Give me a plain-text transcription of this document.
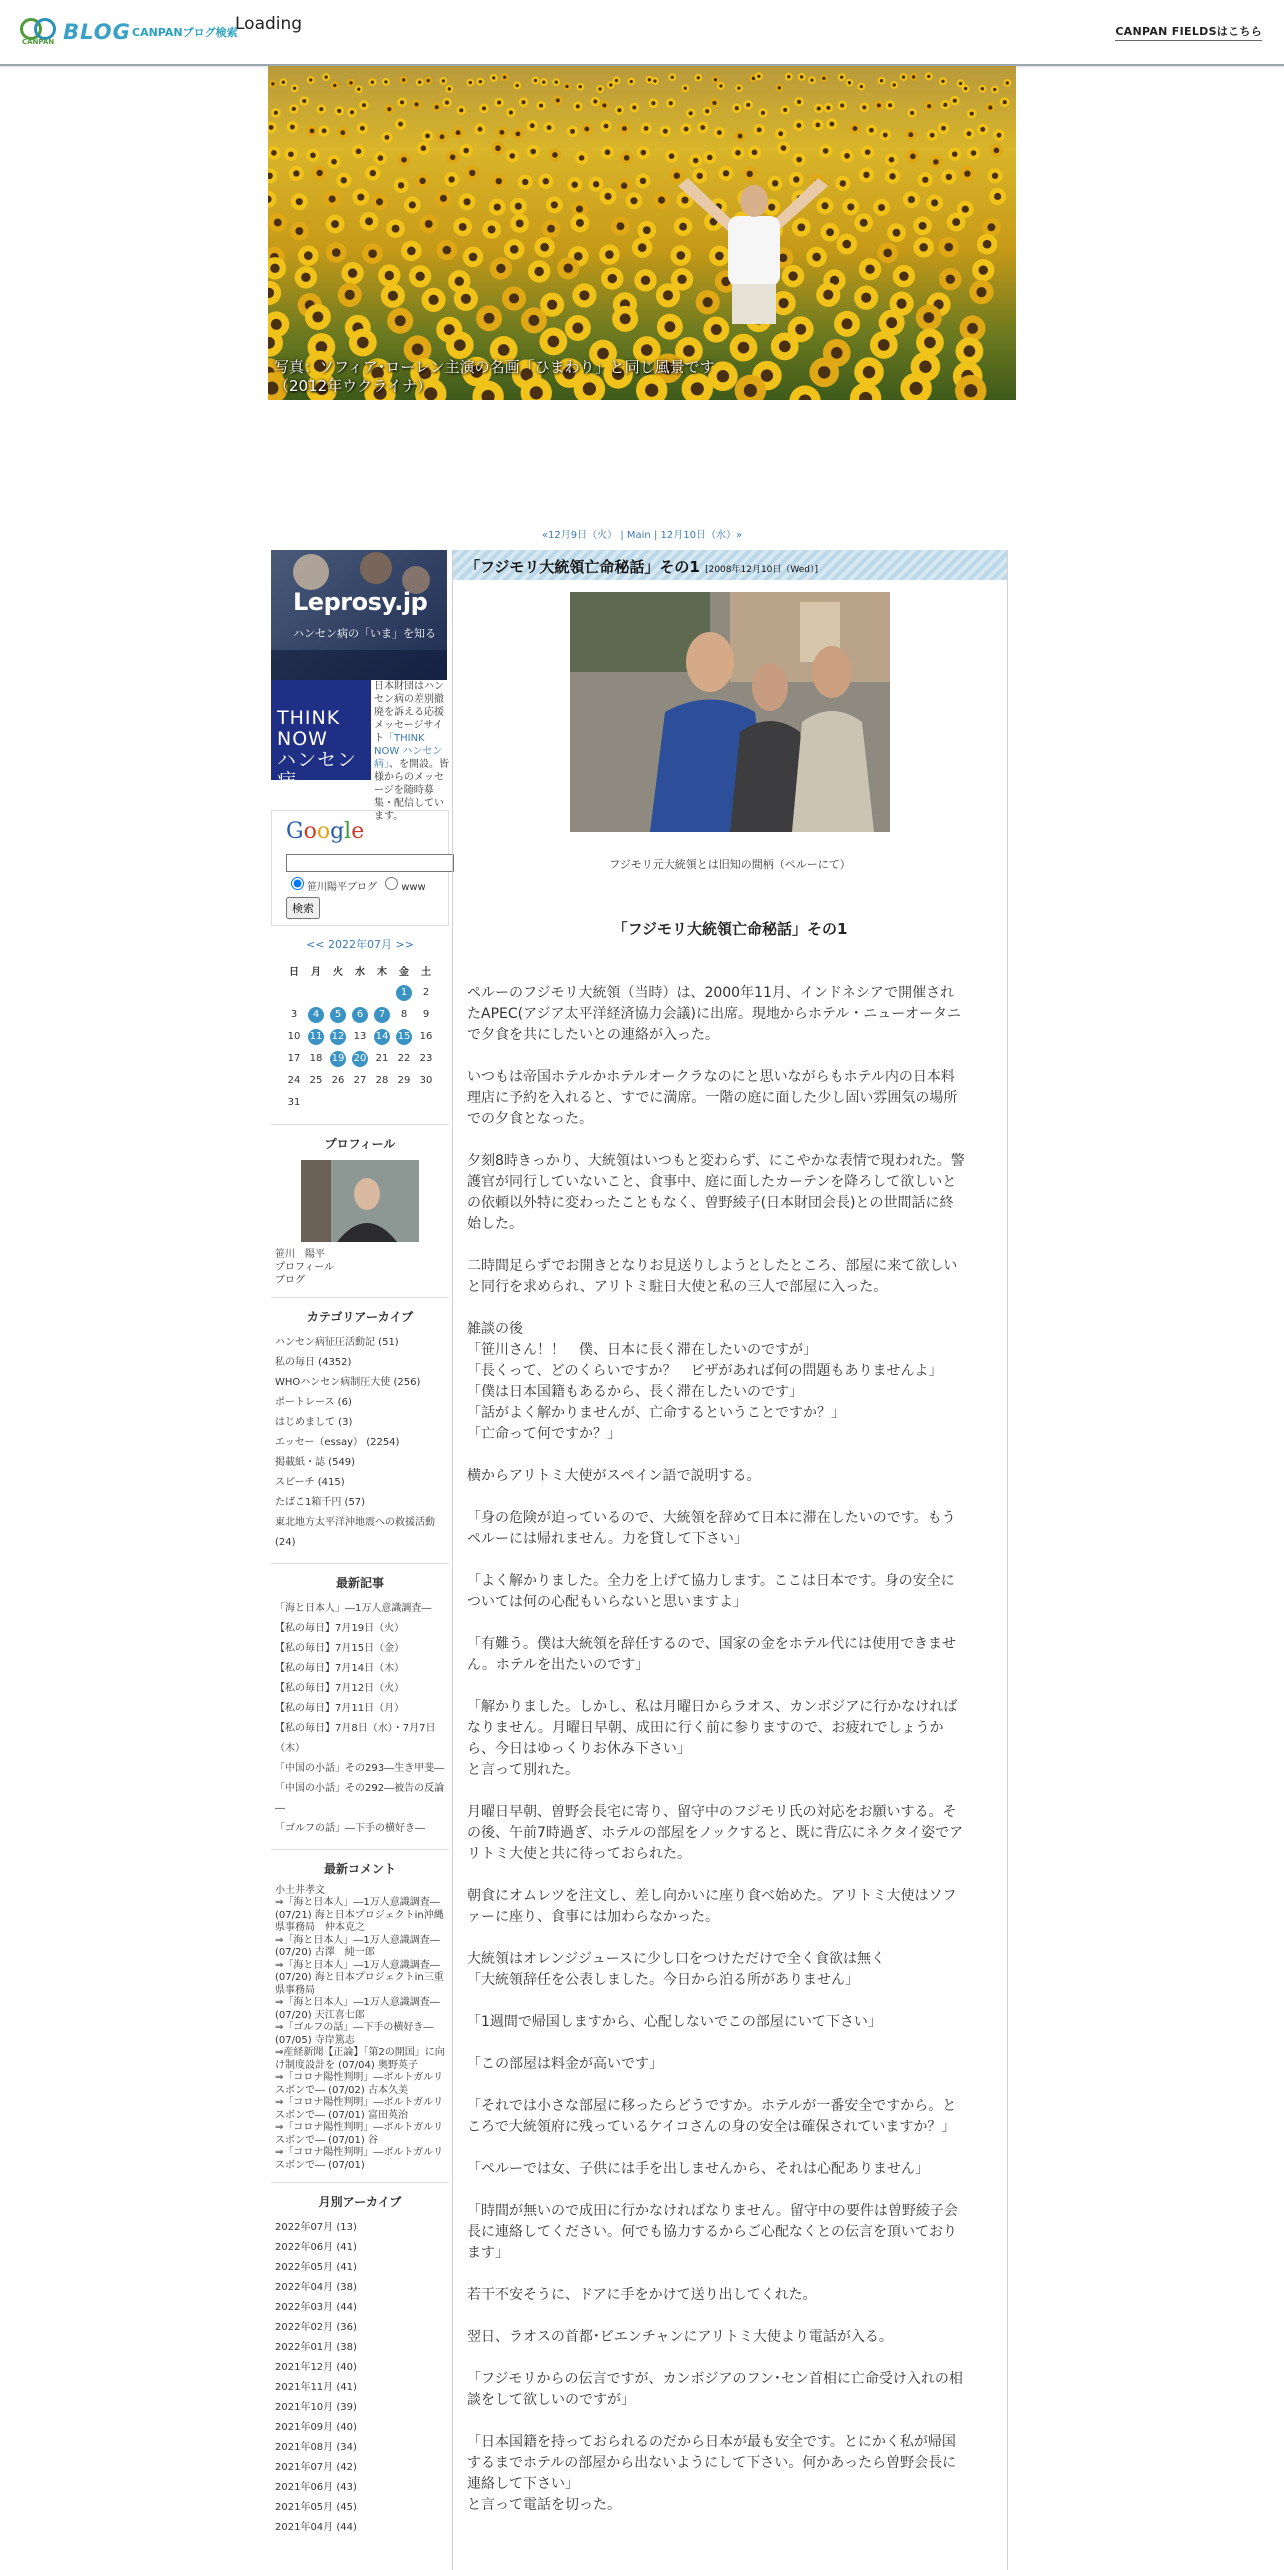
CANPAN BLOG CANPANブログ検索
Loading	CANPAN FIELDSはこちら
写真：ソフィア･ローレン主演の名画「ひまわり」と同じ風景です
（2012年ウクライナ）
«12月9日（火） | Main | 12月10日（水）»
Leprosy.jp
ハンセン病の「いま」を知る
THINK
NOW
ハンセン病
日本財団はハンセン病の差別撤廃を訴える応援メッセージサイト「THINK NOW ハンセン病」、を開設。皆様からのメッセージを随時募集・配信しています。
Google
笹川陽平ブログ www
検索
<< 2022年07月 >>
日	月	火	水	木	金	土
					1	2
3	4	5	6	7	8	9
10	11	12	13	14	15	16
17	18	19	20	21	22	23
24	25	26	27	28	29	30
31						
プロフィール
笹川　陽平
プロフィール
ブログ
カテゴリアーカイブ
ハンセン病征圧活動記 (51)
私の毎日 (4352)
WHOハンセン病制圧大使 (256)
ポートレース (6)
はじめまして (3)
エッセー（essay） (2254)
掲載紙・誌 (549)
スピーチ (415)
たばこ1箱千円 (57)
東北地方太平洋沖地震への救援活動 (24)
最新記事
「海と日本人」―1万人意識調査―
【私の毎日】7月19日（火）
【私の毎日】7月15日（金）
【私の毎日】7月14日（木）
【私の毎日】7月12日（火）
【私の毎日】7月11日（月）
【私の毎日】7月8日（水）・7月7日（木）
「中国の小話」その293―生き甲斐―
「中国の小話」その292―被告の反論―
「ゴルフの話」―下手の横好き―
最新コメント
小土井孝文
⇒「海と日本人」―1万人意識調査― (07/21) 海と日本プロジェクトin沖縄県事務局　仲本克之
⇒「海と日本人」―1万人意識調査― (07/20) 古澤　純一郎
⇒「海と日本人」―1万人意識調査― (07/20) 海と日本プロジェクトin三重県事務局
⇒「海と日本人」―1万人意識調査― (07/20) 天江喜七郎
⇒「ゴルフの話」―下手の横好き― (07/05) 寺岸篤志
⇒産経新聞【正論】「第2の開国」に向け制度設計を (07/04) 奥野英子
⇒「コロナ陽性判明」―ボルトガルリスボンで― (07/02) 古本久美
⇒「コロナ陽性判明」―ボルトガルリスボンで― (07/01) 富田英治
⇒「コロナ陽性判明」―ボルトガルリスボンで― (07/01) 谷
⇒「コロナ陽性判明」―ボルトガルリスボンで― (07/01)
月別アーカイブ
2022年07月 (13)
2022年06月 (41)
2022年05月 (41)
2022年04月 (38)
2022年03月 (44)
2022年02月 (36)
2022年01月 (38)
2021年12月 (40)
2021年11月 (41)
2021年10月 (39)
2021年09月 (40)
2021年08月 (34)
2021年07月 (42)
2021年06月 (43)
2021年05月 (45)
2021年04月 (44)
「フジモリ大統領亡命秘話」その1 [2008年12月10日（Wed）]
フジモリ元大統領とは旧知の間柄（ペルーにて）
「フジモリ大統領亡命秘話」その1

ペルーのフジモリ大統領（当時）は、2000年11月、インドネシアで開催されたAPEC(アジア太平洋経済協力会議)に出席。現地からホテル・ニューオータニで夕食を共にしたいとの連絡が入った。

いつもは帝国ホテルかホテルオークラなのにと思いながらもホテル内の日本料理店に予約を入れると、すでに満席。一階の庭に面した少し固い雰囲気の場所での夕食となった。

夕刻8時きっかり、大統領はいつもと変わらず、にこやかな表情で現われた。警護官が同行していないこと、食事中、庭に面したカーテンを降ろして欲しいとの依頼以外特に変わったこともなく、曽野綾子(日本財団会長)との世間話に終始した。

二時間足らずでお開きとなりお見送りしようとしたところ、部屋に来て欲しいと同行を求められ、アリトミ駐日大使と私の三人で部屋に入った。

雑談の後
「笹川さん！！　僕、日本に長く滞在したいのですが」
「長くって、どのくらいですか？　ビザがあれば何の問題もありませんよ」
「僕は日本国籍もあるから、長く滞在したいのです」
「話がよく解かりませんが、亡命するということですか？」
「亡命って何ですか？」

横からアリトミ大使がスペイン語で説明する。

「身の危険が迫っているので、大統領を辞めて日本に滞在したいのです。もうペルーには帰れません。力を貸して下さい」

「よく解かりました。全力を上げて協力します。ここは日本です。身の安全については何の心配もいらないと思いますよ」

「有難う。僕は大統領を辞任するので、国家の金をホテル代には使用できません。ホテルを出たいのです」

「解かりました。しかし、私は月曜日からラオス、カンボジアに行かなければなりません。月曜日早朝、成田に行く前に参りますので、お疲れでしょうから、今日はゆっくりお休み下さい」
と言って別れた。

月曜日早朝、曽野会長宅に寄り、留守中のフジモリ氏の対応をお願いする。その後、午前7時過ぎ、ホテルの部屋をノックすると、既に背広にネクタイ姿でアリトミ大使と共に待っておられた。

朝食にオムレツを注文し、差し向かいに座り食べ始めた。アリトミ大使はソファーに座り、食事には加わらなかった。

大統領はオレンジジュースに少し口をつけただけで全く食欲は無く
「大統領辞任を公表しました。今日から泊る所がありません」

「1週間で帰国しますから、心配しないでこの部屋にいて下さい」

「この部屋は料金が高いです」

「それでは小さな部屋に移ったらどうですか。ホテルが一番安全ですから。ところで大統領府に残っているケイコさんの身の安全は確保されていますか？」

「ペルーでは女、子供には手を出しませんから、それは心配ありません」

「時間が無いので成田に行かなければなりません。留守中の要件は曽野綾子会長に連絡してください。何でも協力するからご心配なくとの伝言を頂いております」

若干不安そうに、ドアに手をかけて送り出してくれた。

翌日、ラオスの首都･ビエンチャンにアリトミ大使より電話が入る。

「フジモリからの伝言ですが、カンボジアのフン･セン首相に亡命受け入れの相談をして欲しいのですが」

「日本国籍を持っておられるのだから日本が最も安全です。とにかく私が帰国するまでホテルの部屋から出ないようにして下さい。何かあったら曽野会長に連絡して下さい」
と言って電話を切った。
